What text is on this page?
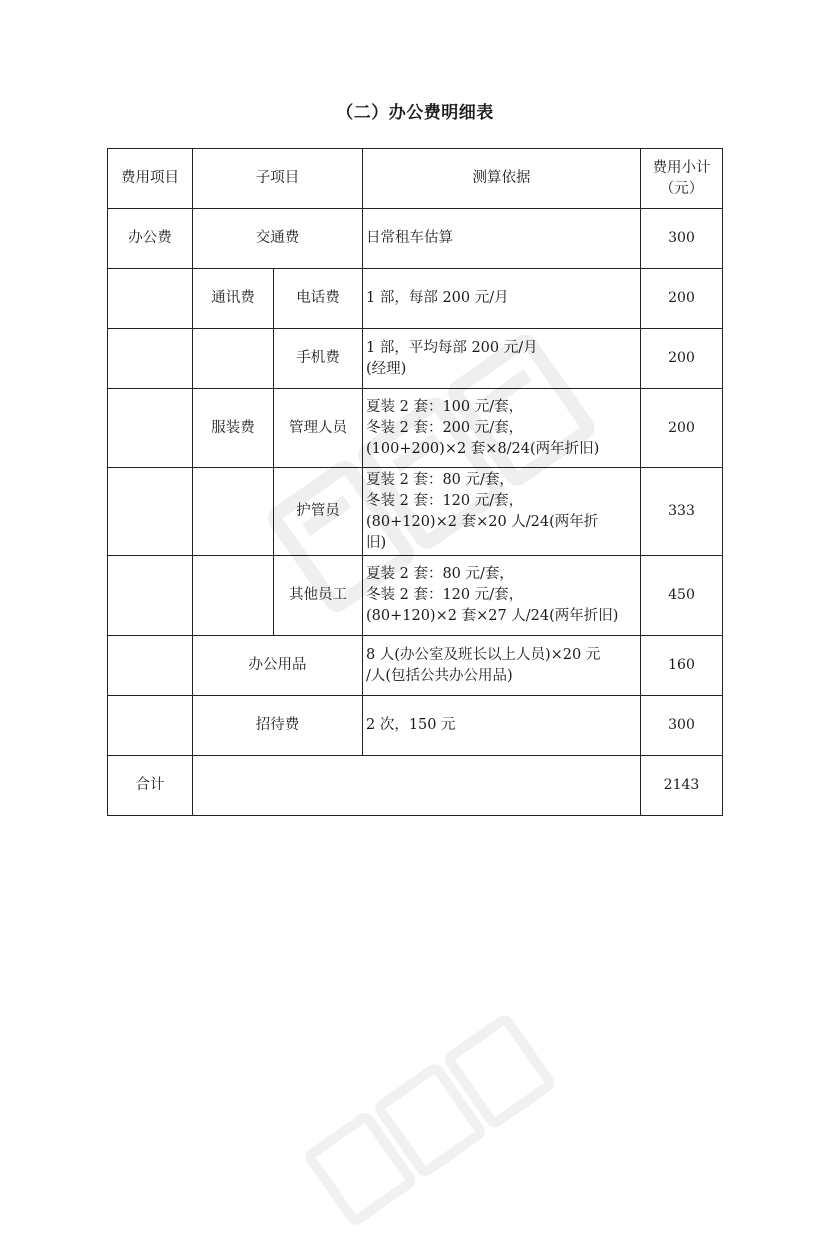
（二）办公费明细表
费用项目	子项目		测算依据	费用小计
（元）

办公费	交通费		日常租车估算	300
	通讯费	电话费	1 部，每部 200 元/月	200
		手机费	1 部，平均每部 200 元/月
(经理)	200
	服装费	管理人员	夏装 2 套：100 元/套，
冬装 2 套：200 元/套，
(100+200)×2 套×8/24(两年折旧)	200
		护管员	夏装 2 套：80 元/套，
冬装 2 套：120 元/套，
(80+120)×2 套×20 人/24(两年折
旧)	333
		其他员工	夏装 2 套：80 元/套，
冬装 2 套：120 元/套，
(80+120)×2 套×27 人/24(两年折旧)	450
	办公用品		8 人(办公室及班长以上人员)×20 元
/人(包括公共办公用品)	160
	招待费		2 次，150 元	300
合计				2143
